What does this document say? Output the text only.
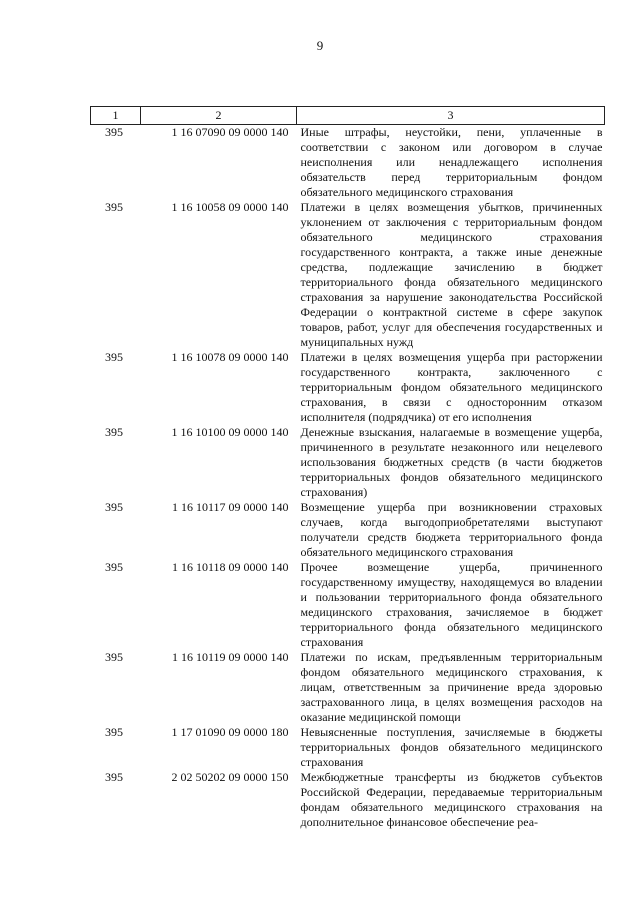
9
1	2	3
395	1 16 07090 09 0000 140	Иные штрафы, неустойки, пени, уплаченные в соответствии с законом или договором в случае неисполнения или ненадлежащего исполнения обязательств перед территориальным фондом обязательного медицинского страхования
395	1 16 10058 09 0000 140	Платежи в целях возмещения убытков, причиненных уклонением от заключения с территориальным фондом обязательного медицинского страхования государственного контракта, а также иные денежные средства, подлежащие зачислению в бюджет территориального фонда обязательного медицинского страхования за нарушение законодательства Российской Федерации о контрактной системе в сфере закупок товаров, работ, услуг для обеспечения государственных и муниципальных нужд
395	1 16 10078 09 0000 140	Платежи в целях возмещения ущерба при расторжении государственного контракта, заключенного с территориальным фондом обязательного медицинского страхования, в связи с односторонним отказом исполнителя (подрядчика) от его исполнения
395	1 16 10100 09 0000 140	Денежные взыскания, налагаемые в возмещение ущерба, причиненного в результате незаконного или нецелевого использования бюджетных средств (в части бюджетов территориальных фондов обязательного медицинского страхования)
395	1 16 10117 09 0000 140	Возмещение ущерба при возникновении страховых случаев, когда выгодоприобретателями выступают получатели средств бюджета территориального фонда обязательного медицинского страхования
395	1 16 10118 09 0000 140	Прочее возмещение ущерба, причиненного государственному имуществу, находящемуся во владении и пользовании территориального фонда обязательного медицинского страхования, зачисляемое в бюджет территориального фонда обязательного медицинского страхования
395	1 16 10119 09 0000 140	Платежи по искам, предъявленным территориальным фондом обязательного медицинского страхования, к лицам, ответственным за причинение вреда здоровью застрахованного лица, в целях возмещения расходов на оказание медицинской помощи
395	1 17 01090 09 0000 180	Невыясненные поступления, зачисляемые в бюджеты территориальных фондов обязательного медицинского страхования
395	2 02 50202 09 0000 150	Межбюджетные трансферты из бюджетов субъектов Российской Федерации, передаваемые территориальным фондам обязательного медицинского страхования на дополнительное финансовое обеспечение реа-
